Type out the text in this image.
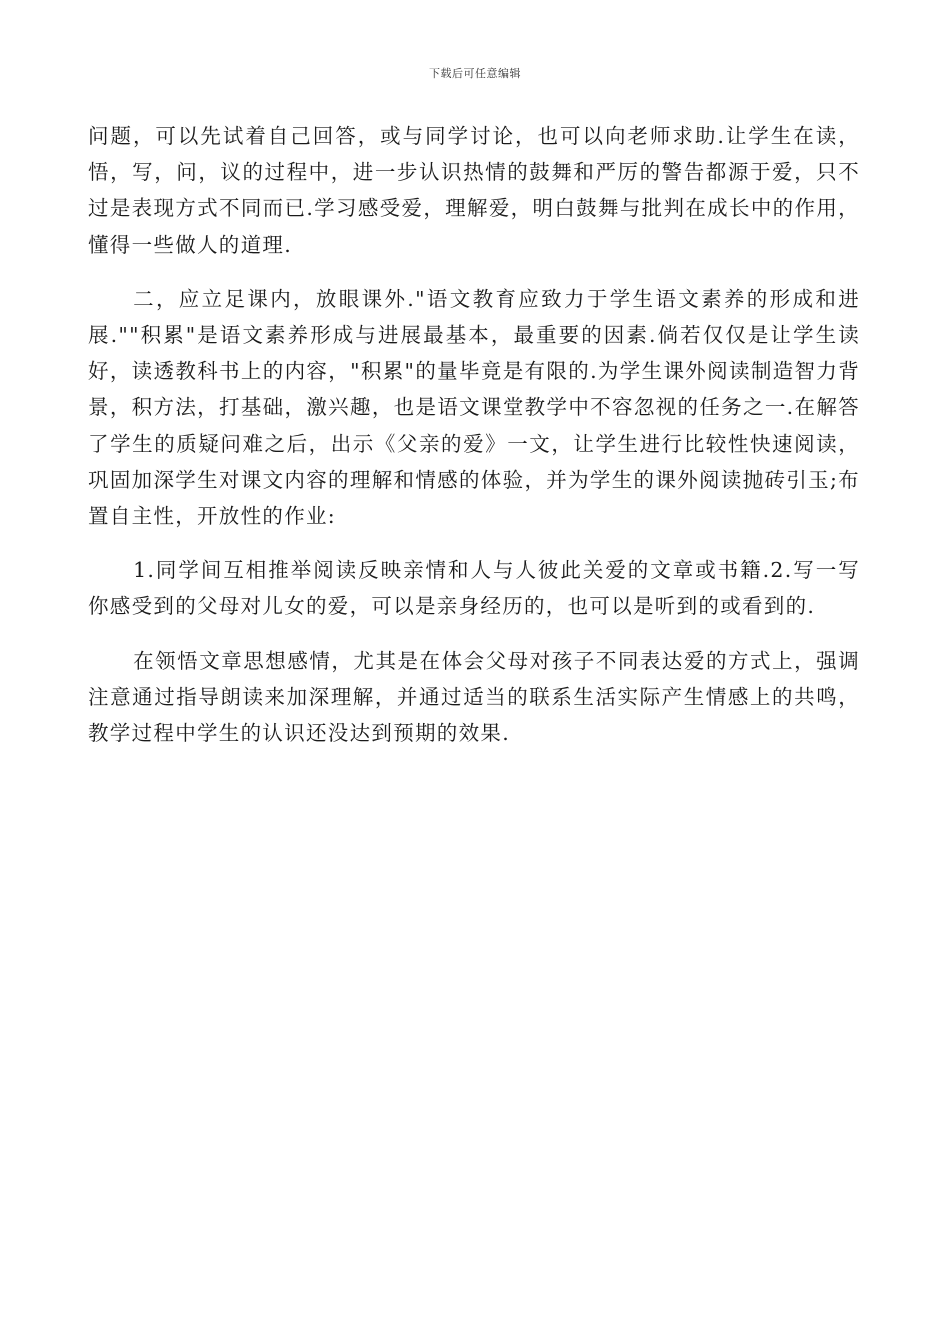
下载后可任意编辑

问题，可以先试着自己回答，或与同学讨论，也可以向老师求助.让学生在读，悟，写，问，议的过程中，进一步认识热情的鼓舞和严厉的警告都源于爱，只不过是表现方式不同而已.学习感受爱，理解爱，明白鼓舞与批判在成长中的作用，懂得一些做人的道理.

二，应立足课内，放眼课外."语文教育应致力于学生语文素养的形成和进展.""积累"是语文素养形成与进展最基本，最重要的因素.倘若仅仅是让学生读好，读透教科书上的内容，"积累"的量毕竟是有限的.为学生课外阅读制造智力背景，积方法，打基础，激兴趣，也是语文课堂教学中不容忽视的任务之一.在解答了学生的质疑问难之后，出示《父亲的爱》一文，让学生进行比较性快速阅读，巩固加深学生对课文内容的理解和情感的体验，并为学生的课外阅读抛砖引玉;布置自主性，开放性的作业:

1.同学间互相推举阅读反映亲情和人与人彼此关爱的文章或书籍.2.写一写你感受到的父母对儿女的爱，可以是亲身经历的，也可以是听到的或看到的.

在领悟文章思想感情，尤其是在体会父母对孩子不同表达爱的方式上，强调注意通过指导朗读来加深理解，并通过适当的联系生活实际产生情感上的共鸣，教学过程中学生的认识还没达到预期的效果.
